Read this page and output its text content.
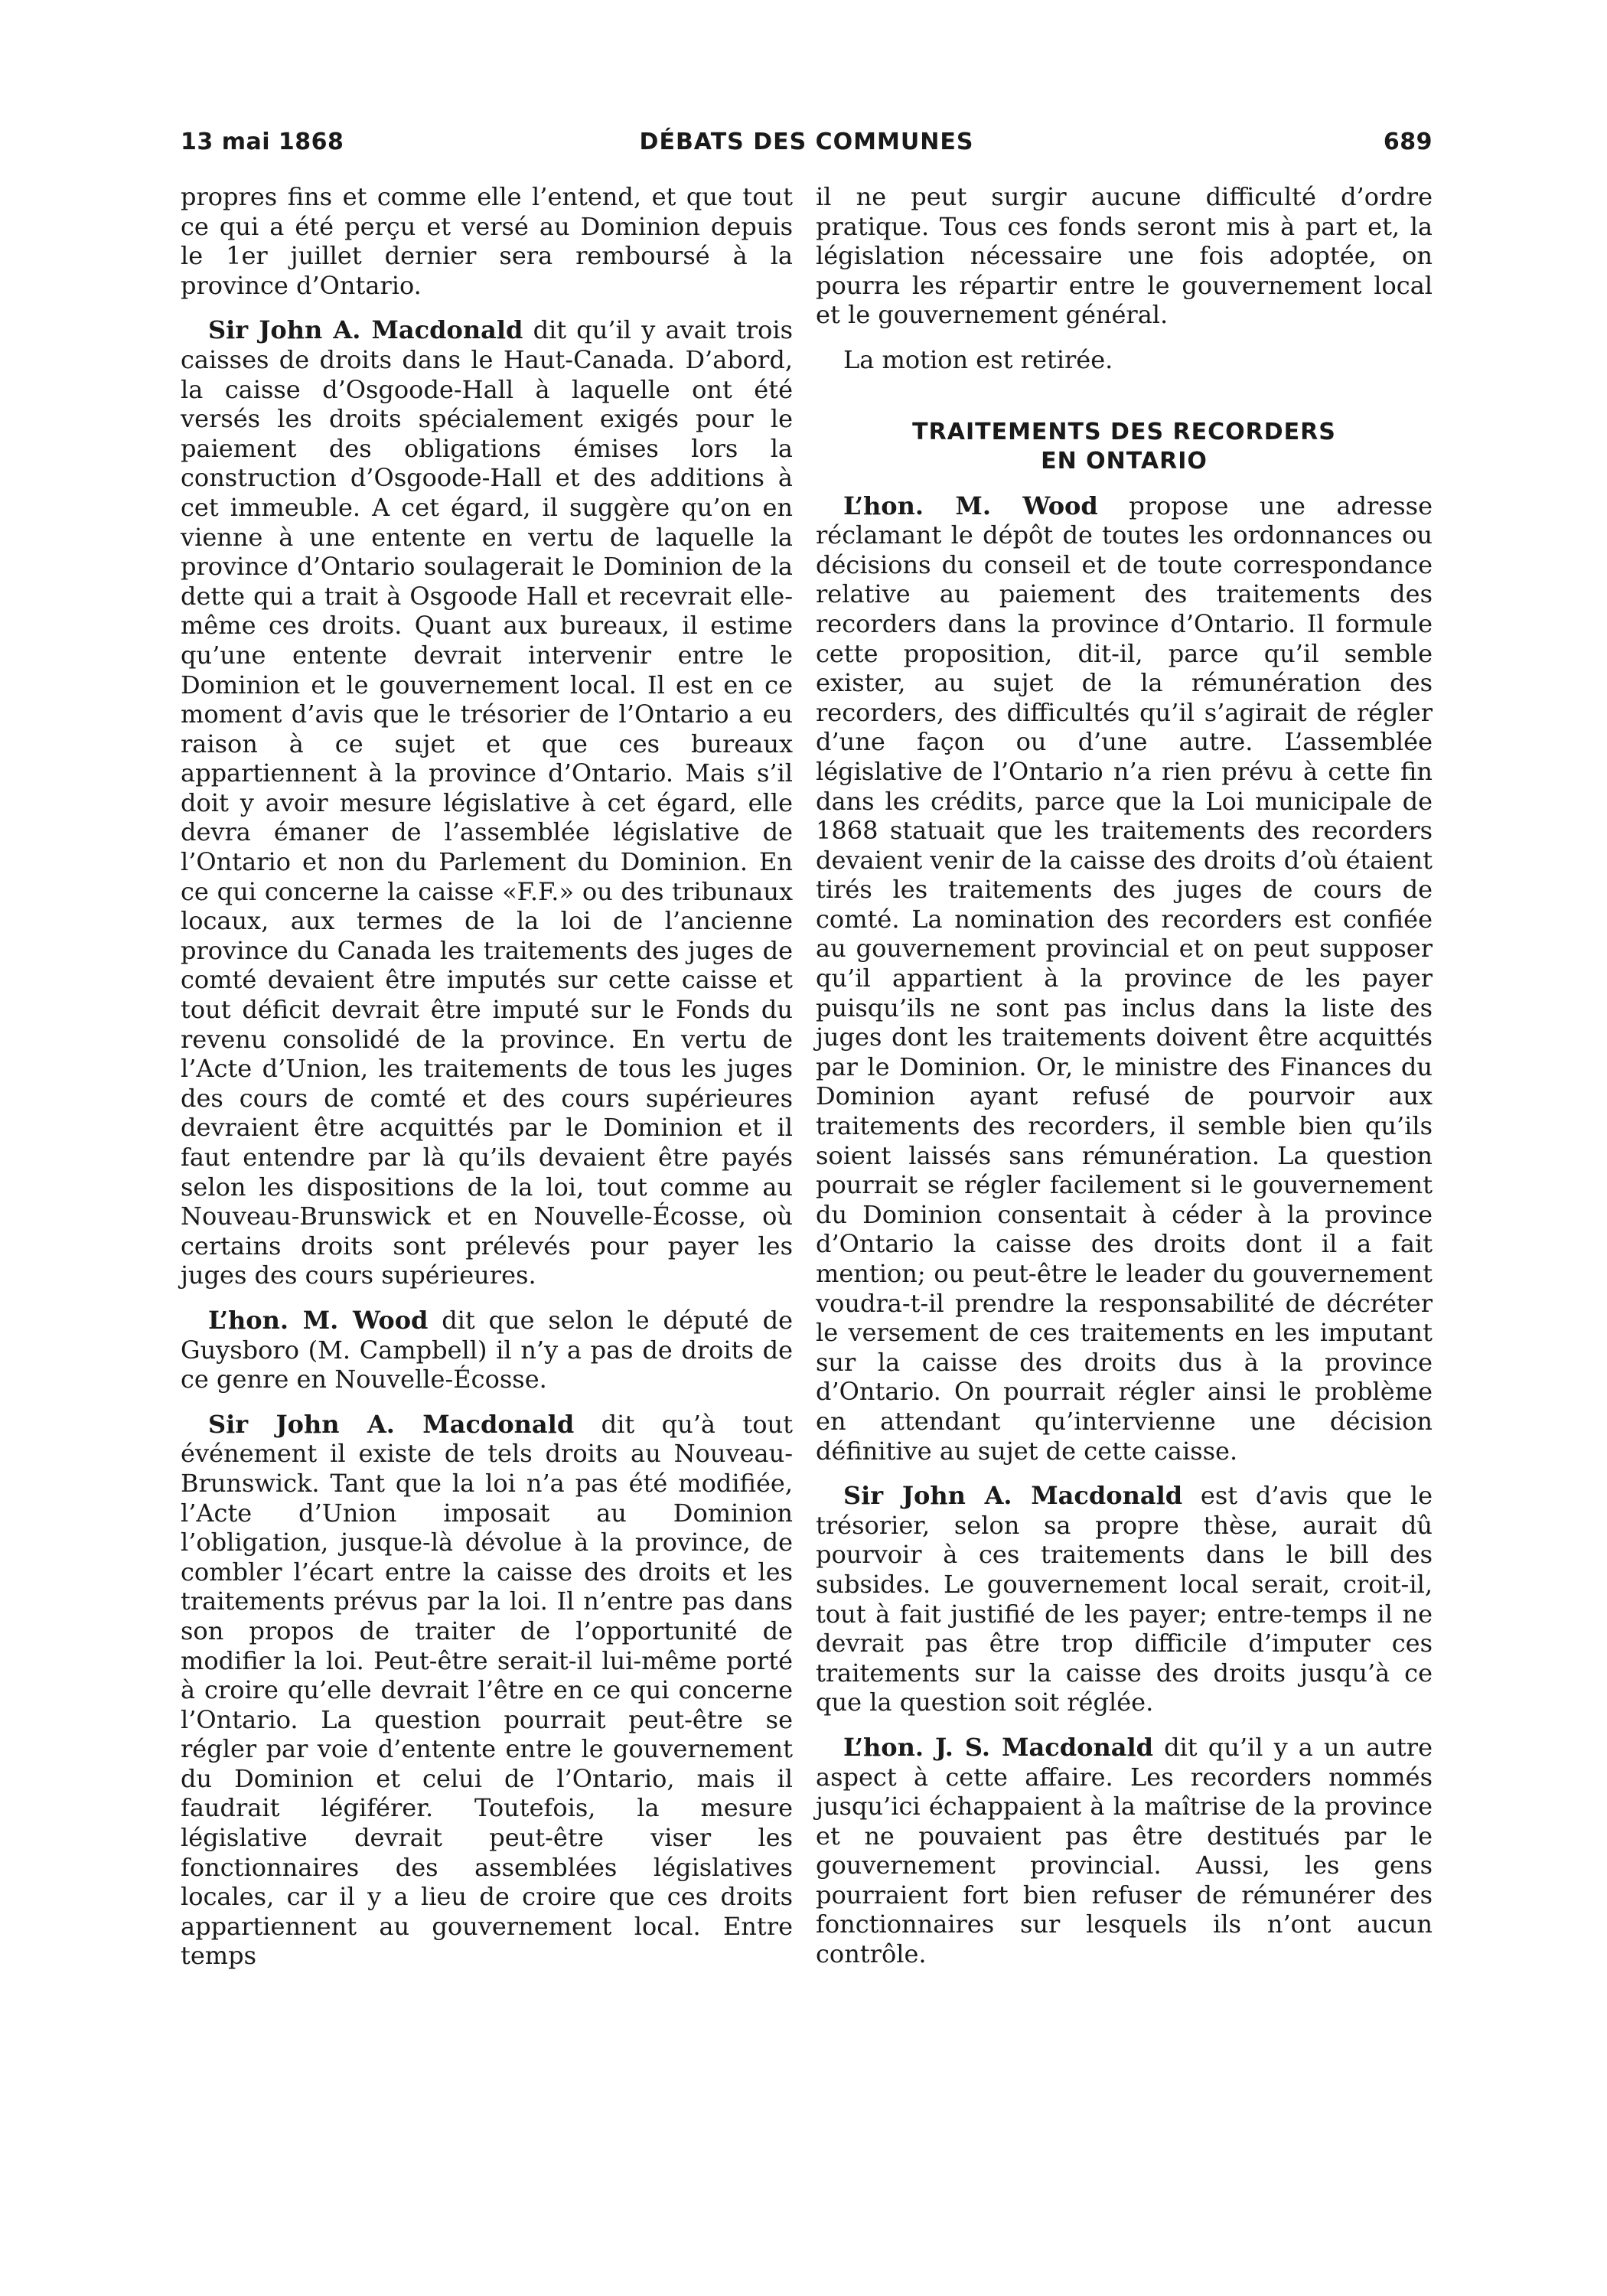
13 mai 1868	DÉBATS DES COMMUNES	689

propres fins et comme elle l’entend, et que tout ce qui a été perçu et versé au Dominion depuis le 1er juillet dernier sera remboursé à la province d’Ontario.

Sir John A. Macdonald dit qu’il y avait trois caisses de droits dans le Haut-Canada. D’abord, la caisse d’Osgoode-Hall à laquelle ont été versés les droits spécialement exigés pour le paiement des obligations émises lors la construction d’Osgoode-Hall et des additions à cet immeuble. A cet égard, il suggère qu’on en vienne à une entente en vertu de laquelle la province d’Ontario soulagerait le Dominion de la dette qui a trait à Osgoode Hall et recevrait elle-même ces droits. Quant aux bureaux, il estime qu’une entente devrait intervenir entre le Dominion et le gouvernement local. Il est en ce moment d’avis que le trésorier de l’Ontario a eu raison à ce sujet et que ces bureaux appartiennent à la province d’Ontario. Mais s’il doit y avoir mesure législative à cet égard, elle devra émaner de l’assemblée législative de l’Ontario et non du Parlement du Dominion. En ce qui concerne la caisse «F.F.» ou des tribunaux locaux, aux termes de la loi de l’ancienne province du Canada les traitements des juges de comté devaient être imputés sur cette caisse et tout déficit devrait être imputé sur le Fonds du revenu consolidé de la province. En vertu de l’Acte d’Union, les traitements de tous les juges des cours de comté et des cours supérieures devraient être acquittés par le Dominion et il faut entendre par là qu’ils devaient être payés selon les dispositions de la loi, tout comme au Nouveau-Brunswick et en Nouvelle-Écosse, où certains droits sont prélevés pour payer les juges des cours supérieures.

L’hon. M. Wood dit que selon le député de Guysboro (M. Campbell) il n’y a pas de droits de ce genre en Nouvelle-Écosse.

Sir John A. Macdonald dit qu’à tout événement il existe de tels droits au Nouveau-Brunswick. Tant que la loi n’a pas été modifiée, l’Acte d’Union imposait au Dominion l’obligation, jusque-là dévolue à la province, de combler l’écart entre la caisse des droits et les traitements prévus par la loi. Il n’entre pas dans son propos de traiter de l’opportunité de modifier la loi. Peut-être serait-il lui-même porté à croire qu’elle devrait l’être en ce qui concerne l’Ontario. La question pourrait peut-être se régler par voie d’entente entre le gouvernement du Dominion et celui de l’Ontario, mais il faudrait légiférer. Toutefois, la mesure législative devrait peut-être viser les fonctionnaires des assemblées législatives locales, car il y a lieu de croire que ces droits appartiennent au gouvernement local. Entre temps

il ne peut surgir aucune difficulté d’ordre pratique. Tous ces fonds seront mis à part et, la législation nécessaire une fois adoptée, on pourra les répartir entre le gouvernement local et le gouvernement général.

La motion est retirée.

TRAITEMENTS DES RECORDERS
EN ONTARIO

L’hon. M. Wood propose une adresse réclamant le dépôt de toutes les ordonnances ou décisions du conseil et de toute correspondance relative au paiement des traitements des recorders dans la province d’Ontario. Il formule cette proposition, dit-il, parce qu’il semble exister, au sujet de la rémunération des recorders, des difficultés qu’il s’agirait de régler d’une façon ou d’une autre. L’assemblée législative de l’Ontario n’a rien prévu à cette fin dans les crédits, parce que la Loi municipale de 1868 statuait que les traitements des recorders devaient venir de la caisse des droits d’où étaient tirés les traitements des juges de cours de comté. La nomination des recorders est confiée au gouvernement provincial et on peut supposer qu’il appartient à la province de les payer puisqu’ils ne sont pas inclus dans la liste des juges dont les traitements doivent être acquittés par le Dominion. Or, le ministre des Finances du Dominion ayant refusé de pourvoir aux traitements des recorders, il semble bien qu’ils soient laissés sans rémunération. La question pourrait se régler facilement si le gouvernement du Dominion consentait à céder à la province d’Ontario la caisse des droits dont il a fait mention; ou peut-être le leader du gouvernement voudra-t-il prendre la responsabilité de décréter le versement de ces traitements en les imputant sur la caisse des droits dus à la province d’Ontario. On pourrait régler ainsi le problème en attendant qu’intervienne une décision définitive au sujet de cette caisse.

Sir John A. Macdonald est d’avis que le trésorier, selon sa propre thèse, aurait dû pourvoir à ces traitements dans le bill des subsides. Le gouvernement local serait, croit-il, tout à fait justifié de les payer; entre-temps il ne devrait pas être trop difficile d’imputer ces traitements sur la caisse des droits jusqu’à ce que la question soit réglée.

L’hon. J. S. Macdonald dit qu’il y a un autre aspect à cette affaire. Les recorders nommés jusqu’ici échappaient à la maîtrise de la province et ne pouvaient pas être destitués par le gouvernement provincial. Aussi, les gens pourraient fort bien refuser de rémunérer des fonctionnaires sur lesquels ils n’ont aucun contrôle.
